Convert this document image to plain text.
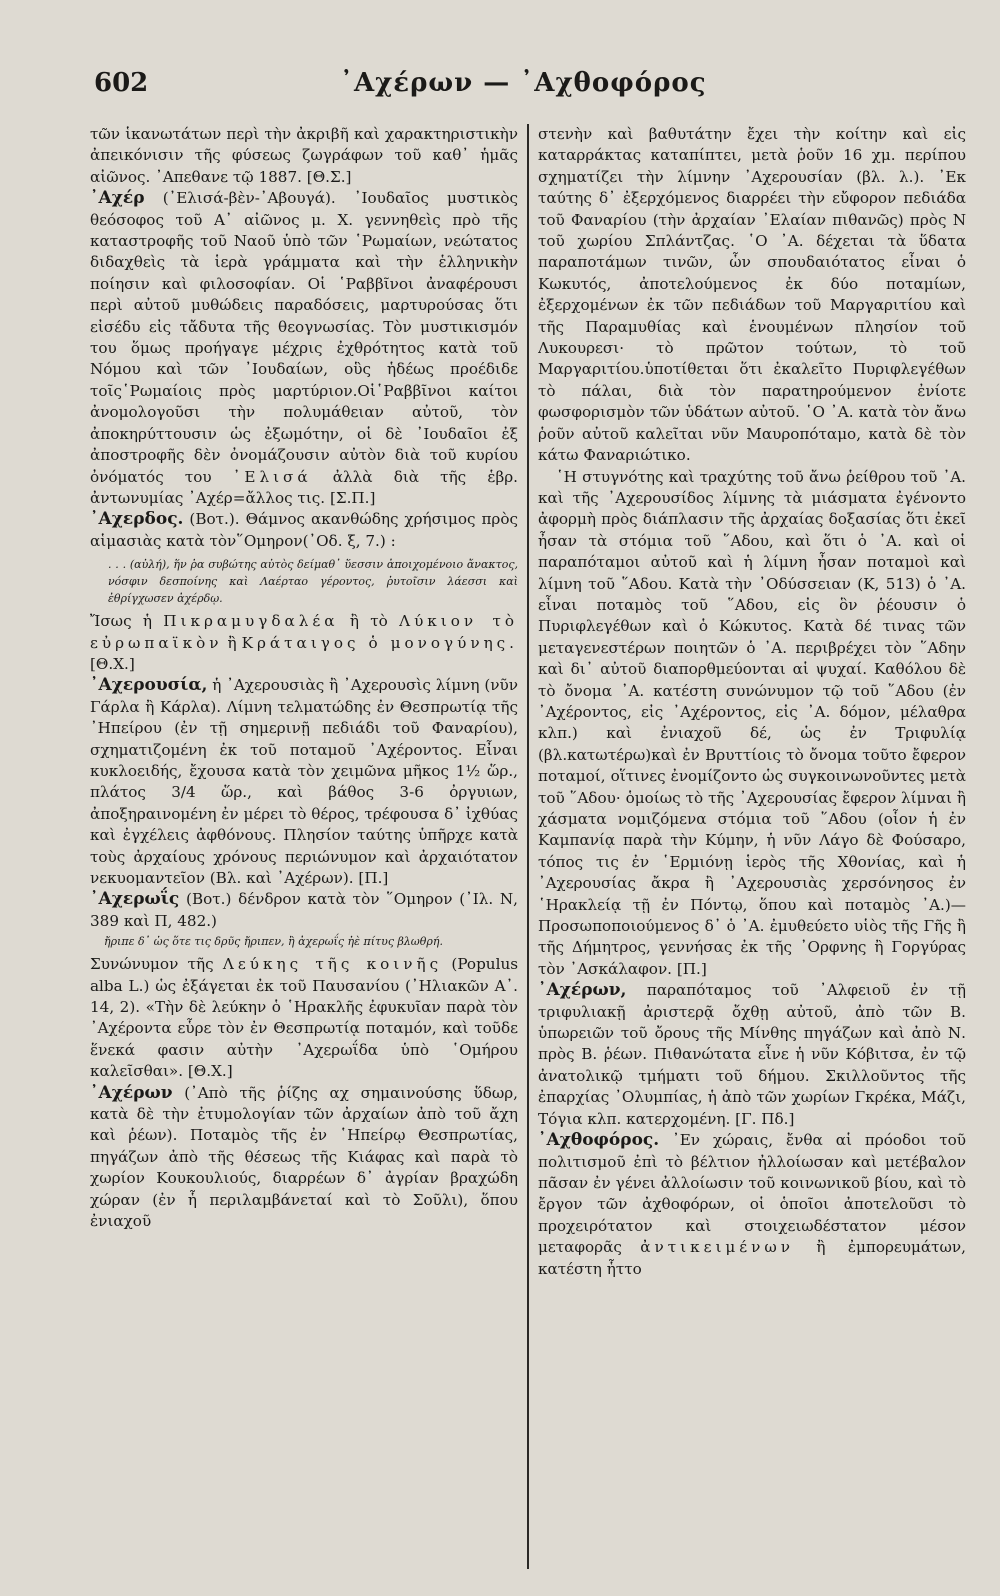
602	᾽Αχέρων — ᾽Αχθοφόρος

τῶν ἱκανωτάτων περὶ τὴν ἀκριβῆ καὶ χαρακτηριστικὴν ἀπεικόνισιν τῆς φύσεως ζωγράφων τοῦ καθ᾽ ἡμᾶς αἰῶνος. ᾽Απεθανε τῷ 1887. [Θ.Σ.]

᾽Αχέρ (᾽Ελισά-βὲν-᾽Αβουγά). ᾽Ιουδαῖος μυστικὸς θεόσοφος τοῦ Α᾽ αἰῶνος μ. Χ. γεννηθεὶς πρὸ τῆς καταστροφῆς τοῦ Ναοῦ ὑπὸ τῶν ῾Ρωμαίων, νεώτατος διδαχθεὶς τὰ ἱερὰ γράμματα καὶ τὴν ἑλληνικὴν ποίησιν καὶ φιλοσοφίαν. Οἱ ῾Ραββῖνοι ἀναφέρουσι περὶ αὐτοῦ μυθώδεις παραδόσεις, μαρτυρούσας ὅτι εἰσέδυ εἰς τἄδυτα τῆς θεογνωσίας. Τὸν μυστικισμόν του ὅμως προήγαγε μέχρις ἐχθρότητος κατὰ τοῦ Νόμου καὶ τῶν ᾽Ιουδαίων, οὓς ἡδέως προέδιδε τοῖς῾Ρωμαίοις πρὸς μαρτύριον.Οἱ῾Ραββῖνοι καίτοι ἀνομολογοῦσι τὴν πολυμάθειαν αὐτοῦ, τὸν ἀποκηρύττουσιν ὡς ἐξωμότην, οἱ δὲ ᾽Ιουδαῖοι ἐξ ἀποστροφῆς δὲν ὀνομάζουσιν αὐτὸν διὰ τοῦ κυρίου ὀνόματός του ᾽Ελισά ἀλλὰ διὰ τῆς ἑβρ. ἀντωνυμίας ᾽Αχέρ=ἄλλος τις. [Σ.Π.]

᾽Αχερδος. (Βοτ.). Θάμνος ακανθώδης χρήσιμος πρὸς αἱμασιὰς κατὰ τὸν῞Ομηρον(᾽Οδ. ξ, 7.) :

. . . (αὐλή), ἥν ῥα συβώτης αὐτὸς δείμαθ᾽ ὕεσσιν ἀποιχομένοιο ἄνακτος, νόσφιν δεσποίνης καὶ Λαέρταο γέροντος, ῥυτοῖσιν λάεσσι καὶ ἐθρίγχωσεν ἀχέρδῳ.

Ἴσως ἡ Πικραμυγδαλέα ἢ τὸ Λύκιον τὸ εὐρωπαϊκὸν ἢ Κράταιγος ὁ μονογύνης. [Θ.Χ.]

᾽Αχερουσία, ἡ ᾽Αχερουσιὰς ἢ ᾽Αχερουσὶς λίμνη (νῦν Γάρλα ἢ Κάρλα). Λίμνη τελματώδης ἐν Θεσπρωτίᾳ τῆς ᾽Ηπείρου (ἐν τῇ σημερινῇ πεδιάδι τοῦ Φαναρίου), σχηματιζομένη ἐκ τοῦ ποταμοῦ ᾽Αχέροντος. Εἶναι κυκλοειδής, ἔχουσα κατὰ τὸν χειμῶνα μῆκος 1½ ὥρ., πλάτος 3/4 ὥρ., καὶ βάθος 3-6 ὀργυιων, ἀποξηραινομένη ἐν μέρει τὸ θέρος, τρέφουσα δ᾽ ἰχθύας καὶ ἐγχέλεις ἀφθόνους. Πλησίον ταύτης ὑπῆρχε κατὰ τοὺς ἀρχαίους χρόνους περιώνυμον καὶ ἀρχαιότατον νεκυομαντεῖον (Βλ. καὶ ᾽Αχέρων). [Π.]

᾽Αχερωΐς (Βοτ.) δένδρον κατὰ τὸν ῞Ομηρον (᾽Ιλ. Ν, 389 καὶ Π, 482.)

ἤριπε δ᾽ ὡς ὅτε τις δρῦς ἤριπεν, ἢ ἀχερωΐς ἠὲ πίτυς βλωθρή.

Συνώνυμον τῆς Λεύκης τῆς κοινῆς (Populus alba L.) ὡς ἐξάγεται ἐκ τοῦ Παυσανίου (᾽Ηλιακῶν Α᾽. 14, 2). «Τὴν δὲ λεύκην ὁ ῾Ηρακλῆς ἐφυκυῖαν παρὰ τὸν ᾽Αχέροντα εὗρε τὸν ἐν Θεσπρωτίᾳ ποταμόν, καὶ τοῦδε ἕνεκά φασιν αὐτὴν ᾽Αχερωΐδα ὑπὸ ῾Ομήρου καλεῖσθαι». [Θ.Χ.]

᾽Αχέρων (᾽Απὸ τῆς ῥίζης αχ σημαινούσης ὕδωρ, κατὰ δὲ τὴν ἐτυμολογίαν τῶν ἀρχαίων ἀπὸ τοῦ ἄχη καὶ ῥέων). Ποταμὸς τῆς ἐν ῾Ηπείρῳ Θεσπρωτίας, πηγάζων ἀπὸ τῆς θέσεως τῆς Κιάφας καὶ παρὰ τὸ χωρίον Κουκουλιούς, διαρρέων δ᾽ ἀγρίαν βραχώδη χώραν (ἐν ἧ περιλαμβάνεταί καὶ τὸ Σοῦλι), ὅπου ἐνιαχοῦ

στενὴν καὶ βαθυτάτην ἔχει τὴν κοίτην καὶ εἰς καταρράκτας καταπίπτει, μετὰ ῥοῦν 16 χμ. περίπου σχηματίζει τὴν λίμνην ᾽Αχερουσίαν (βλ. λ.). ᾽Εκ ταύτης δ᾽ ἐξερχόμενος διαρρέει τὴν εὔφορον πεδιάδα τοῦ Φαναρίου (τὴν ἀρχαίαν ᾽Ελαίαν πιθανῶς) πρὸς Ν τοῦ χωρίου Σπλάντζας. ῾Ο ᾽Α. δέχεται τὰ ὕδατα παραποτάμων τινῶν, ὧν σπουδαιότατος εἶναι ὁ Κωκυτός, ἀποτελούμενος ἐκ δύο ποταμίων, ἐξερχομένων ἐκ τῶν πεδιάδων τοῦ Μαργαριτίου καὶ τῆς Παραμυθίας καὶ ἑνουμένων πλησίον τοῦ Λυκουρεσι· τὸ πρῶτον τούτων, τὸ τοῦ Μαργαριτίου.ὑποτίθεται ὅτι ἐκαλεῖτο Πυριφλεγέθων τὸ πάλαι, διὰ τὸν παρατηρούμενον ἐνίοτε φωσφορισμὸν τῶν ὑδάτων αὐτοῦ. ῾Ο ᾽Α. κατὰ τὸν ἄνω ῥοῦν αὐτοῦ καλεῖται νῦν Μαυροπόταμο, κατὰ δὲ τὸν κάτω Φαναριώτικο.

῾Η στυγνότης καὶ τραχύτης τοῦ ἄνω ῥείθρου τοῦ ᾽Α. καὶ τῆς ᾽Αχερουσίδος λίμνης τὰ μιάσματα ἐγένοντο ἀφορμὴ πρὸς διάπλασιν τῆς ἀρχαίας δοξασίας ὅτι ἐκεῖ ἦσαν τὰ στόμια τοῦ ῞Αδου, καὶ ὅτι ὁ ᾽Α. καὶ οἱ παραπόταμοι αὐτοῦ καὶ ἡ λίμνη ἦσαν ποταμοὶ καὶ λίμνη τοῦ ῞Αδου. Κατὰ τὴν ᾽Οδύσσειαν (Κ, 513) ὁ ᾽Α. εἶναι ποταμὸς τοῦ ῞Αδου, εἰς ὃν ῥέουσιν ὁ Πυριφλεγέθων καὶ ὁ Κώκυτος. Κατὰ δέ τινας τῶν μεταγενεστέρων ποιητῶν ὁ ᾽Α. περιβρέχει τὸν ῞Αδην καὶ δι᾽ αὐτοῦ διαπορθμεύονται αἱ ψυχαί. Καθόλου δὲ τὸ ὄνομα ᾽Α. κατέστη συνώνυμον τῷ τοῦ ῞Αδου (ἐν ᾽Αχέροντος, εἰς ᾽Αχέροντος, εἰς ᾽Α. δόμον, μέλαθρα κλπ.) καὶ ἐνιαχοῦ δέ, ὡς ἐν Τριφυλίᾳ (βλ.κατωτέρω)καὶ ἐν Βρυττίοις τὸ ὄνομα τοῦτο ἔφερον ποταμοί, οἵτινες ἐνομίζοντο ὡς συγκοινωνοῦντες μετὰ τοῦ ῞Αδου· ὁμοίως τὸ τῆς ᾽Αχερουσίας ἔφερον λίμναι ἢ χάσματα νομιζόμενα στόμια τοῦ ῞Αδου (οἷον ἡ ἐν Καμπανίᾳ παρὰ τὴν Κύμην, ἡ νῦν Λάγο δὲ Φούσαρο, τόπος τις ἐν ῾Ερμιόνῃ ἱερὸς τῆς Χθονίας, καὶ ἡ ᾽Αχερουσίας ἄκρα ἢ ᾽Αχερουσιὰς χερσόνησος ἐν ῾Ηρακλείᾳ τῇ ἐν Πόντῳ, ὅπου καὶ ποταμὸς ᾽Α.)— Προσωποποιούμενος δ᾽ ὁ ᾽Α. ἐμυθεύετο υἱὸς τῆς Γῆς ἢ τῆς Δήμητρος, γεννήσας ἐκ τῆς ᾽Ορφνης ἢ Γοργύρας τὸν ᾽Ασκάλαφον. [Π.]

᾽Αχέρων, παραπόταμος τοῦ ᾽Αλφειοῦ ἐν τῇ τριφυλιακῇ ἀριστερᾷ ὄχθῃ αὐτοῦ, ἀπὸ τῶν Β. ὑπωρειῶν τοῦ ὄρους τῆς Μίνθης πηγάζων καὶ ἀπὸ Ν. πρὸς Β. ῥέων. Πιθανώτατα εἶνε ἡ νῦν Κόβιτσα, ἐν τῷ ἀνατολικῷ τμήματι τοῦ δήμου. Σκιλλοῦντος τῆς ἐπαρχίας ᾽Ολυμπίας, ἡ ἀπὸ τῶν χωρίων Γκρέκα, Μάζι, Τόγια κλπ. κατερχομένη. [Γ. Πδ.]

᾽Αχθοφόρος. ᾽Εν χώραις, ἔνθα αἱ πρόοδοι τοῦ πολιτισμοῦ ἐπὶ τὸ βέλτιον ἠλλοίωσαν καὶ μετέβαλον πᾶσαν ἐν γένει ἀλλοίωσιν τοῦ κοινωνικοῦ βίου, καὶ τὸ ἔργον τῶν ἀχθοφόρων, οἱ ὁποῖοι ἀποτελοῦσι τὸ προχειρότατον καὶ στοιχειωδέστατον μέσον μεταφορᾶς ἀντικειμένων ἢ ἐμπορευμάτων, κατέστη ἧττο
